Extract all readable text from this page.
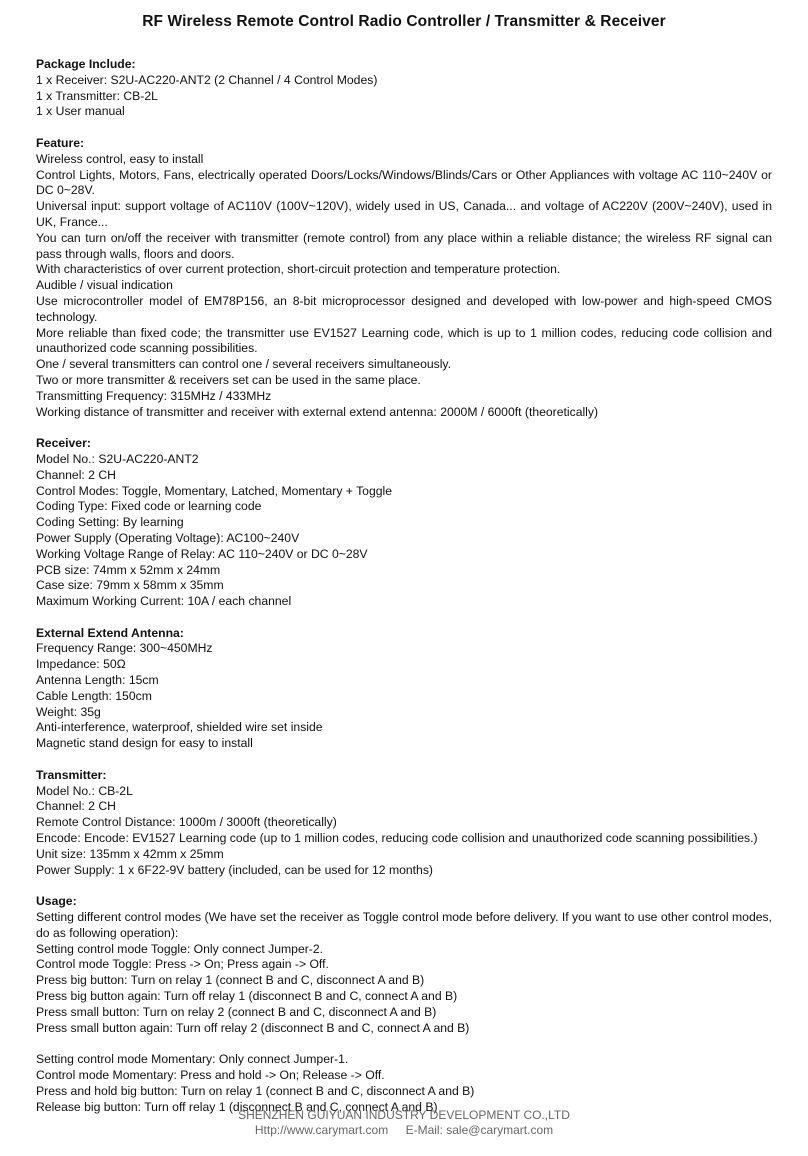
RF Wireless Remote Control Radio Controller / Transmitter & Receiver
Package Include:
1 x Receiver: S2U-AC220-ANT2 (2 Channel / 4 Control Modes)
1 x Transmitter: CB-2L
1 x User manual
Feature:
Wireless control, easy to install
Control Lights, Motors, Fans, electrically operated Doors/Locks/Windows/Blinds/Cars or Other Appliances with voltage AC 110~240V or DC 0~28V.
Universal input: support voltage of AC110V (100V~120V), widely used in US, Canada... and voltage of AC220V (200V~240V), used in UK, France...
You can turn on/off the receiver with transmitter (remote control) from any place within a reliable distance; the wireless RF signal can pass through walls, floors and doors.
With characteristics of over current protection, short-circuit protection and temperature protection.
Audible / visual indication
Use microcontroller model of EM78P156, an 8-bit microprocessor designed and developed with low-power and high-speed CMOS technology.
More reliable than fixed code; the transmitter use EV1527 Learning code, which is up to 1 million codes, reducing code collision and unauthorized code scanning possibilities.
One / several transmitters can control one / several receivers simultaneously.
Two or more transmitter & receivers set can be used in the same place.
Transmitting Frequency: 315MHz / 433MHz
Working distance of transmitter and receiver with external extend antenna: 2000M / 6000ft (theoretically)
Receiver:
Model No.: S2U-AC220-ANT2
Channel: 2 CH
Control Modes: Toggle, Momentary, Latched, Momentary + Toggle
Coding Type: Fixed code or learning code
Coding Setting: By learning
Power Supply (Operating Voltage): AC100~240V
Working Voltage Range of Relay: AC 110~240V or DC 0~28V
PCB size: 74mm x 52mm x 24mm
Case size: 79mm x 58mm x 35mm
Maximum Working Current: 10A / each channel
External Extend Antenna:
Frequency Range: 300~450MHz
Impedance: 50Ω
Antenna Length: 15cm
Cable Length: 150cm
Weight: 35g
Anti-interference, waterproof, shielded wire set inside
Magnetic stand design for easy to install
Transmitter:
Model No.: CB-2L
Channel: 2 CH
Remote Control Distance: 1000m / 3000ft (theoretically)
Encode: Encode: EV1527 Learning code (up to 1 million codes, reducing code collision and unauthorized code scanning possibilities.)
Unit size: 135mm x 42mm x 25mm
Power Supply: 1 x 6F22-9V battery (included, can be used for 12 months)
Usage:
Setting different control modes (We have set the receiver as Toggle control mode before delivery. If you want to use other control modes, do as following operation):
Setting control mode Toggle: Only connect Jumper-2.
Control mode Toggle: Press -> On; Press again -> Off.
Press big button: Turn on relay 1 (connect B and C, disconnect A and B)
Press big button again: Turn off relay 1 (disconnect B and C, connect A and B)
Press small button: Turn on relay 2 (connect B and C, disconnect A and B)
Press small button again: Turn off relay 2 (disconnect B and C, connect A and B)
Setting control mode Momentary: Only connect Jumper-1.
Control mode Momentary: Press and hold -> On; Release -> Off.
Press and hold big button: Turn on relay 1 (connect B and C, disconnect A and B)
Release big button: Turn off relay 1 (disconnect B and C, connect A and B)
SHENZHEN GUIYUAN INDUSTRY DEVELOPMENT CO.,LTD
Http://www.carymart.com E-Mail: sale@carymart.com
